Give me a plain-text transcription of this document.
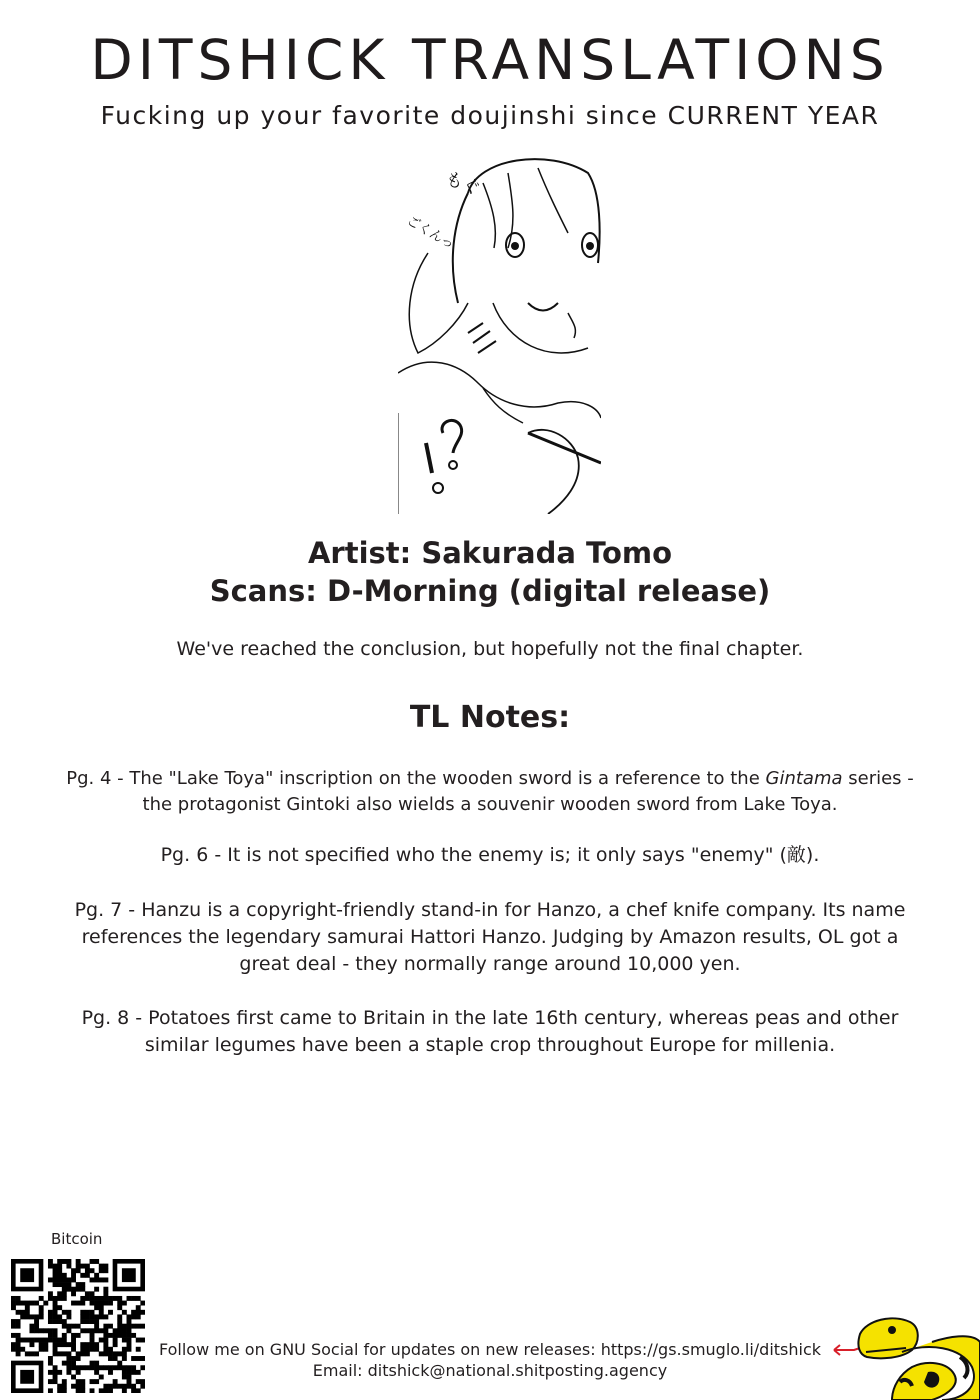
DITSHICK TRANSLATIONS
Fucking up your favorite doujinshi since CURRENT YEAR
もぐ
ごくんっ
Artist: Sakurada Tomo
Scans: D-Morning (digital release)
We've reached the conclusion, but hopefully not the final chapter.
TL Notes:
Pg. 4 - The "Lake Toya" inscription on the wooden sword is a reference to the Gintama series - the protagonist Gintoki also wields a souvenir wooden sword from Lake Toya.
Pg. 6 - It is not specified who the enemy is; it only says "enemy" (敵).
Pg. 7 - Hanzu is a copyright-friendly stand-in for Hanzo, a chef knife company. Its name references the legendary samurai Hattori Hanzo. Judging by Amazon results, OL got a great deal - they normally range around 10,000 yen.
Pg. 8 - Potatoes first came to Britain in the late 16th century, whereas peas and other similar legumes have been a staple crop throughout Europe for millenia.
Bitcoin
Follow me on GNU Social for updates on new releases: https://gs.smuglo.li/ditshick
Email: ditshick@national.shitposting.agency
